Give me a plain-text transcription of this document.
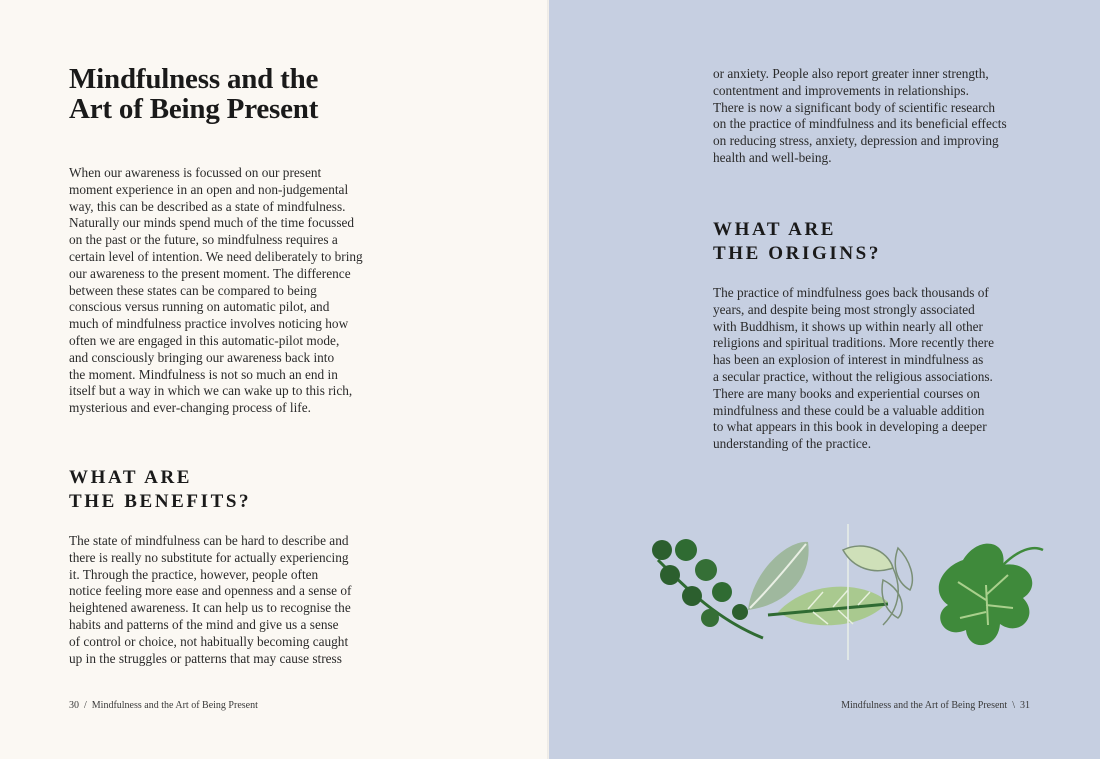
Mindfulness and the
Art of Being Present

When our awareness is focussed on our present
moment experience in an open and non-judgemental
way, this can be described as a state of mindfulness.
Naturally our minds spend much of the time focussed
on the past or the future, so mindfulness requires a
certain level of intention. We need deliberately to bring
our awareness to the present moment. The difference
between these states can be compared to being
conscious versus running on automatic pilot, and
much of mindfulness practice involves noticing how
often we are engaged in this automatic-pilot mode,
and consciously bringing our awareness back into
the moment. Mindfulness is not so much an end in
itself but a way in which we can wake up to this rich,
mysterious and ever-changing process of life.

WHAT ARE
THE BENEFITS?

The state of mindfulness can be hard to describe and
there is really no substitute for actually experiencing
it. Through the practice, however, people often
notice feeling more ease and openness and a sense of
heightened awareness. It can help us to recognise the
habits and patterns of the mind and give us a sense
of control or choice, not habitually becoming caught
up in the struggles or patterns that may cause stress

30 / Mindfulness and the Art of Being Present

or anxiety. People also report greater inner strength,
contentment and improvements in relationships.
There is now a significant body of scientific research
on the practice of mindfulness and its beneficial effects
on reducing stress, anxiety, depression and improving
health and well-being.

WHAT ARE
THE ORIGINS?

The practice of mindfulness goes back thousands of
years, and despite being most strongly associated
with Buddhism, it shows up within nearly all other
religions and spiritual traditions. More recently there
has been an explosion of interest in mindfulness as
a secular practice, without the religious associations.
There are many books and experiential courses on
mindfulness and these could be a valuable addition
to what appears in this book in developing a deeper
understanding of the practice.

Mindfulness and the Art of Being Present \ 31
